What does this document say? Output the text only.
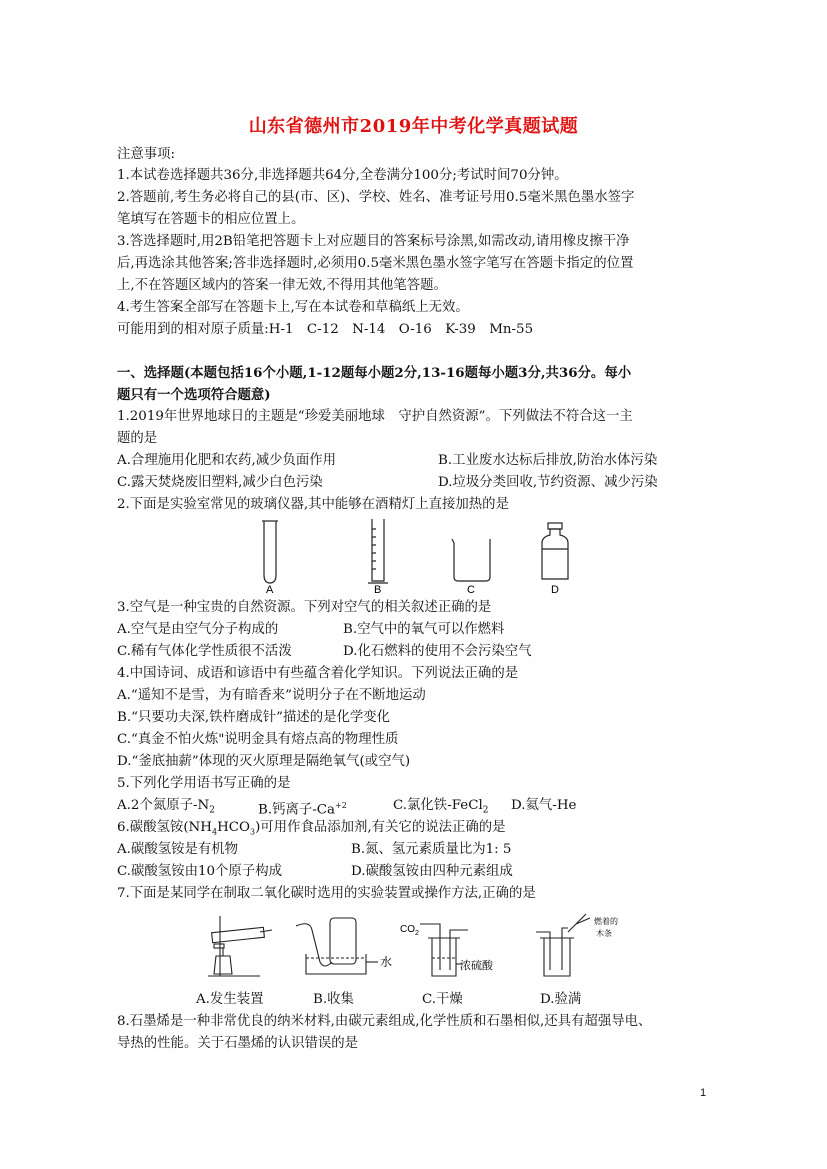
山东省德州市2019年中考化学真题试题
注意事项:
1.本试卷选择题共36分,非选择题共64分,全卷满分100分;考试时间70分钟。
2.答题前,考生务必将自己的县(市、区)、学校、姓名、准考证号用0.5毫米黑色墨水签字
笔填写在答题卡的相应位置上。
3.答选择题时,用2B铅笔把答题卡上对应题目的答案标号涂黑,如需改动,请用橡皮擦干净
后,再选涂其他答案;答非选择题时,必须用0.5毫米黑色墨水签字笔写在答题卡指定的位置
上,不在答题区域内的答案一律无效,不得用其他笔答题。
4.考生答案全部写在答题卡上,写在本试卷和草稿纸上无效。
可能用到的相对原子质量:H-1　C-12　N-14　O-16　K-39　Mn-55
一、选择题(本题包括16个小题,1-12题每小题2分,13-16题每小题3分,共36分。每小
题只有一个选项符合题意)
1.2019年世界地球日的主题是“珍爱美丽地球　守护自然资源”。下列做法不符合这一主
题的是
A.合理施用化肥和农药,减少负面作用	B.工业废水达标后排放,防治水体污染
C.露天焚烧废旧塑料,减少白色污染	D.垃圾分类回收,节约资源、减少污染
2.下面是实验室常见的玻璃仪器,其中能够在酒精灯上直接加热的是
A	B	C	D
3.空气是一种宝贵的自然资源。下列对空气的相关叙述正确的是
A.空气是由空气分子构成的	B.空气中的氧气可以作燃料
C.稀有气体化学性质很不活泼	D.化石燃料的使用不会污染空气
4.中国诗词、成语和谚语中有些蕴含着化学知识。下列说法正确的是
A.“遥知不是雪，为有暗香来”说明分子在不断地运动
B.“只要功夫深,铁杵磨成针”描述的是化学变化
C.“真金不怕火炼"说明金具有熔点高的物理性质
D.“釜底抽薪”体现的灭火原理是隔绝氧气(或空气)
5.下列化学用语书写正确的是
A.2个氮原子$-N_2$	B.钙离子$-Ca^{+2}$	C.氯化铁-FeCl$_2$ D.氦气-He
6.碳酸氢铵$(NH_4HCO_3)$可用作食品添加剂,有关它的说法正确的是
A.碳酸氢铵是有机物	B.氮、氢元素质量比为1: 5
C.碳酸氢铵由10个原子构成	D.碳酸氢铵由四种元素组成
7.下面是某同学在制取二氧化碳时选用的实验装置或操作方法,正确的是
水
$CO_2$
浓硫酸
燃着的
木条
A.发生装置	B.收集	C.干燥	D.验满
8.石墨烯是一种非常优良的纳米材料,由碳元素组成,化学性质和石墨相似,还具有超强导电、
导热的性能。关于石墨烯的认识错误的是
1
